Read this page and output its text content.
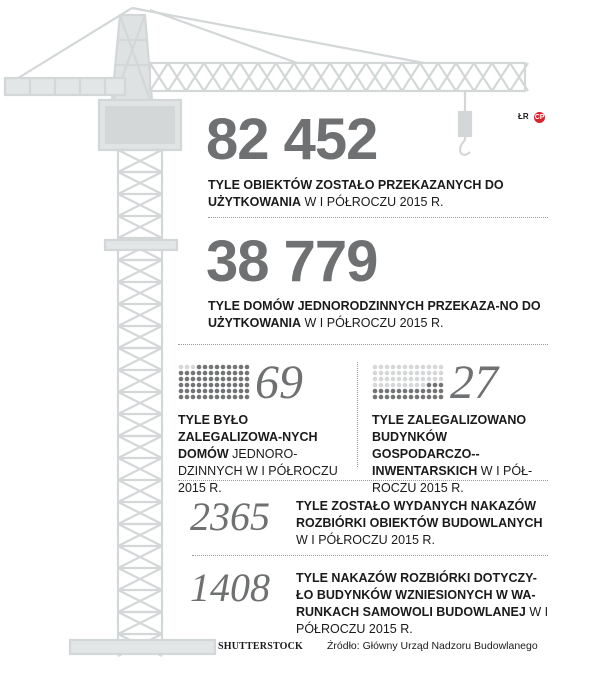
ŁR CP
82 452
TYLE OBIEKTÓW ZOSTAŁO PRZEKAZANYCH DO UŻYTKOWANIA W I PÓŁROCZU 2015 R.
38 779
TYLE DOMÓW JEDNORODZINNYCH PRZEKAZA-NO DO UŻYTKOWANIA W I PÓŁROCZU 2015 R.
69
TYLE BYŁO ZALEGALIZOWA-NYCH DOMÓW JEDNORO-DZINNYCH W I PÓŁROCZU 2015 R.
27
TYLE ZALEGALIZOWANO BUDYNKÓW GOSPODARCZO--INWENTARSKICH W I PÓŁ-ROCZU 2015 R.
2365 TYLE ZOSTAŁO WYDANYCH NAKAZÓW ROZBIÓRKI OBIEKTÓW BUDOWLANYCH W I PÓŁROCZU 2015 R.
1408 TYLE NAKAZÓW ROZBIÓRKI DOTYCZY-ŁO BUDYNKÓW WZNIESIONYCH W WA-RUNKACH SAMOWOLI BUDOWLANEJ W I PÓŁROCZU 2015 R.
SHUTTERSTOCK Źródło: Główny Urząd Nadzoru Budowlanego
